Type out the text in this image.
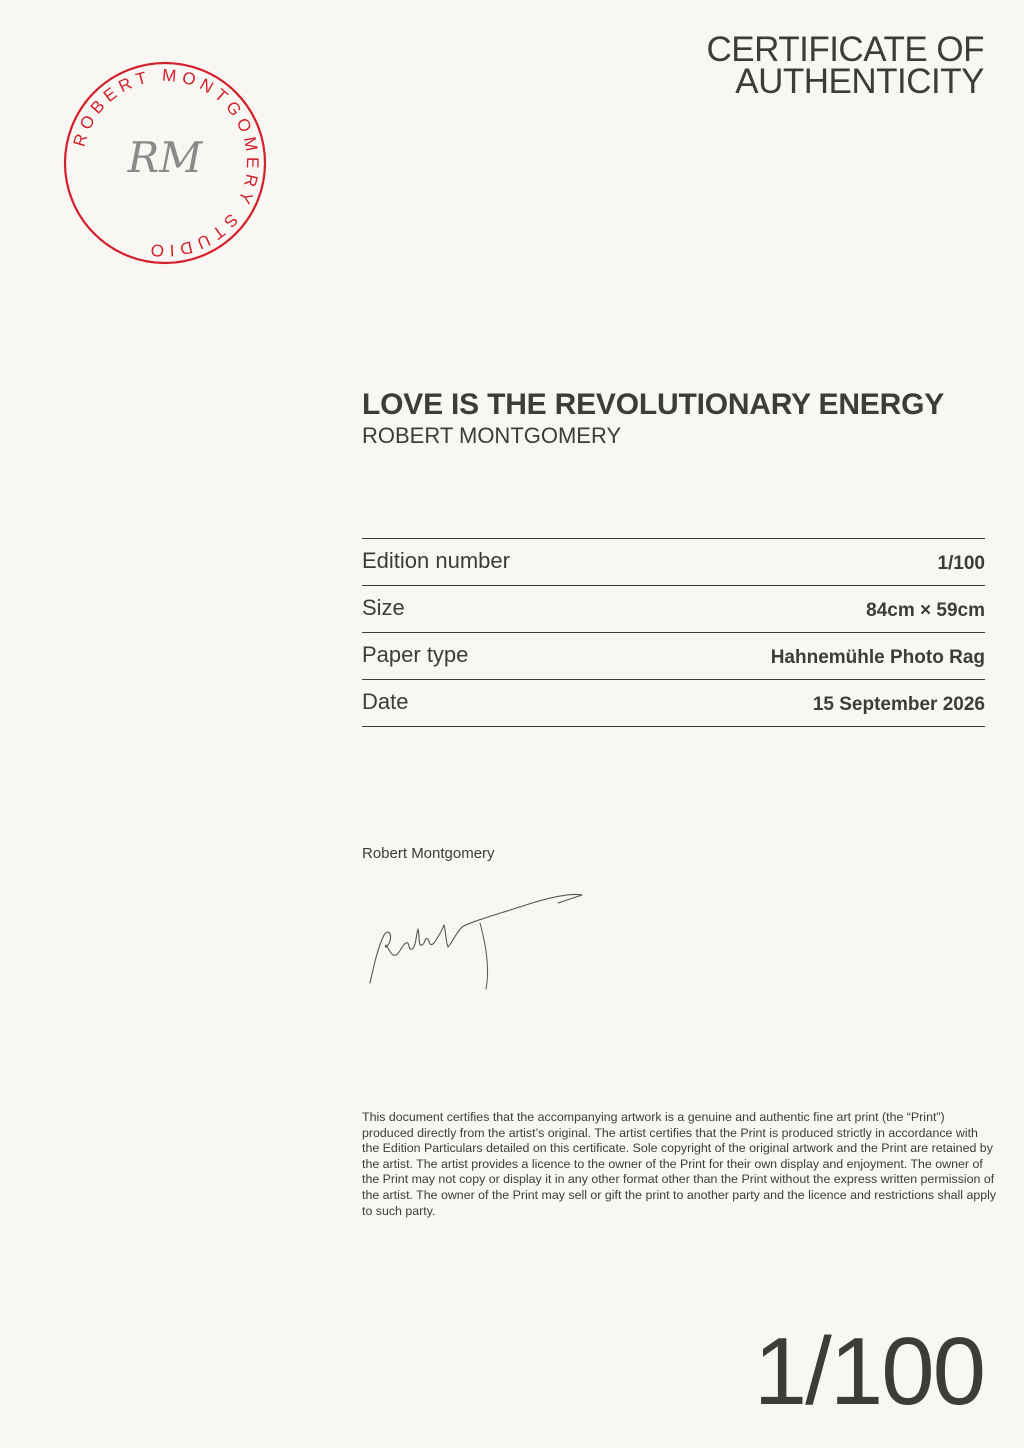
CERTIFICATE OF
AUTHENTICITY
ROBERT MONTGOMERY STUDIO
RM
LOVE IS THE REVOLUTIONARY ENERGY
ROBERT MONTGOMERY
Edition number	1/100
Size	84cm × 59cm
Paper type	Hahnemühle Photo Rag
Date	15 September 2026
Robert Montgomery
This document certifies that the accompanying artwork is a genuine and authentic fine art print (the “Print”) produced directly from the artist’s original. The artist certifies that the Print is produced strictly in accordance with the Edition Particulars detailed on this certificate. Sole copyright of the original artwork and the Print are retained by the artist. The artist provides a licence to the owner of the Print for their own display and enjoyment. The owner of the Print may not copy or display it in any other format other than the Print without the express written permission of the artist. The owner of the Print may sell or gift the print to another party and the licence and restrictions shall apply to such party.
1/100
